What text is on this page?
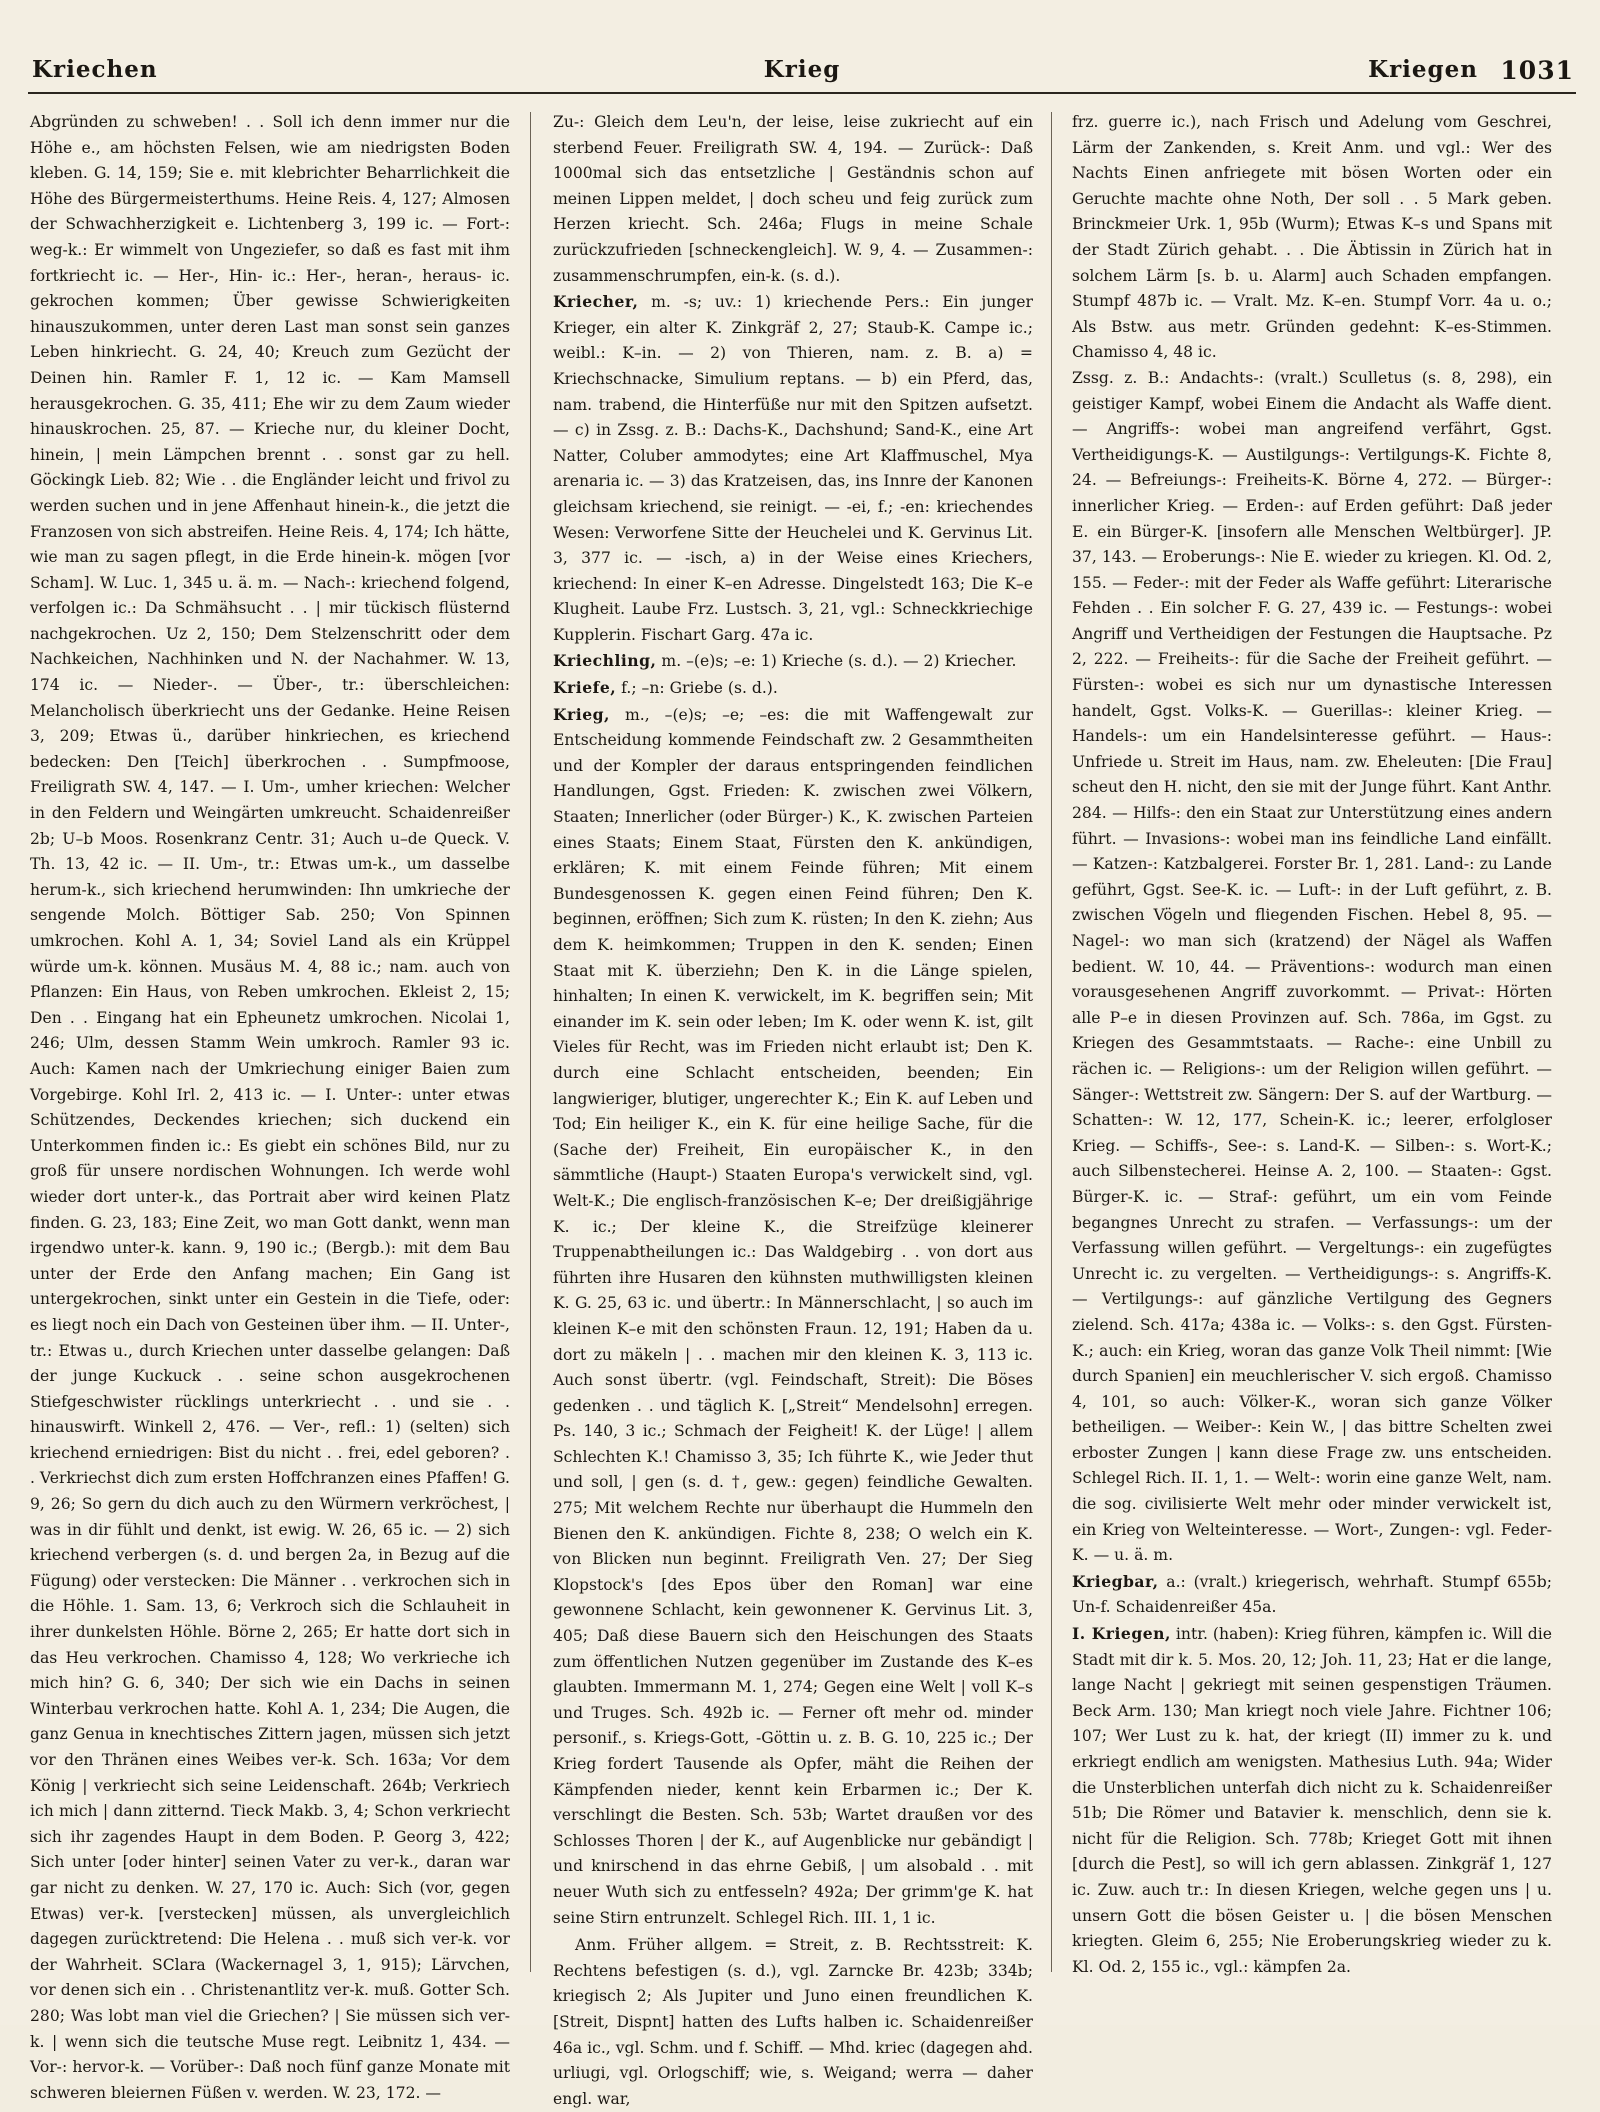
Kriechen	Krieg	Kriegen 1031

Abgründen zu schweben! . . Soll ich denn immer nur die Höhe e., am höchsten Felsen, wie am niedrigsten Boden kleben. G. 14, 159; Sie e. mit klebrichter Beharrlichkeit die Höhe des Bürgermeisterthums. Heine Reis. 4, 127; Almosen der Schwachherzigkeit e. Lichtenberg 3, 199 ic. — Fort-: weg-k.: Er wimmelt von Ungeziefer, so daß es fast mit ihm fortkriecht ic. — Her-, Hin- ic.: Her-, heran-, heraus- ic. gekrochen kommen; Über gewisse Schwierigkeiten hinauszukommen, unter deren Last man sonst sein ganzes Leben hinkriecht. G. 24, 40; Kreuch zum Gezücht der Deinen hin. Ramler F. 1, 12 ic. — Kam Mamsell herausgekrochen. G. 35, 411; Ehe wir zu dem Zaum wieder hinauskrochen. 25, 87. — Krieche nur, du kleiner Docht, hinein, | mein Lämpchen brennt . . sonst gar zu hell. Göckingk Lieb. 82; Wie . . die Engländer leicht und frivol zu werden suchen und in jene Affenhaut hinein-k., die jetzt die Franzosen von sich abstreifen. Heine Reis. 4, 174; Ich hätte, wie man zu sagen pflegt, in die Erde hinein-k. mögen [vor Scham]. W. Luc. 1, 345 u. ä. m. — Nach-: kriechend folgend, verfolgen ic.: Da Schmähsucht . . | mir tückisch flüsternd nachgekrochen. Uz 2, 150; Dem Stelzenschritt oder dem Nachkeichen, Nachhinken und N. der Nachahmer. W. 13, 174 ic. — Nieder-. — Über-, tr.: überschleichen: Melancholisch überkriecht uns der Gedanke. Heine Reisen 3, 209; Etwas ü., darüber hinkriechen, es kriechend bedecken: Den [Teich] überkrochen . . Sumpfmoose, Freiligrath SW. 4, 147. — I. Um-, umher kriechen: Welcher in den Feldern und Weingärten umkreucht. Schaidenreißer 2b; U–b Moos. Rosenkranz Centr. 31; Auch u–de Queck. V. Th. 13, 42 ic. — II. Um-, tr.: Etwas um-k., um dasselbe herum-k., sich kriechend herumwinden: Ihn umkrieche der sengende Molch. Böttiger Sab. 250; Von Spinnen umkrochen. Kohl A. 1, 34; Soviel Land als ein Krüppel würde um-k. können. Musäus M. 4, 88 ic.; nam. auch von Pflanzen: Ein Haus, von Reben umkrochen. Ekleist 2, 15; Den . . Eingang hat ein Epheunetz umkrochen. Nicolai 1, 246; Ulm, dessen Stamm Wein umkroch. Ramler 93 ic. Auch: Kamen nach der Umkriechung einiger Baien zum Vorgebirge. Kohl Irl. 2, 413 ic. — I. Unter-: unter etwas Schützendes, Deckendes kriechen; sich duckend ein Unterkommen finden ic.: Es giebt ein schönes Bild, nur zu groß für unsere nordischen Wohnungen. Ich werde wohl wieder dort unter-k., das Portrait aber wird keinen Platz finden. G. 23, 183; Eine Zeit, wo man Gott dankt, wenn man irgendwo unter-k. kann. 9, 190 ic.; (Bergb.): mit dem Bau unter der Erde den Anfang machen; Ein Gang ist untergekrochen, sinkt unter ein Gestein in die Tiefe, oder: es liegt noch ein Dach von Gesteinen über ihm. — II. Unter-, tr.: Etwas u., durch Kriechen unter dasselbe gelangen: Daß der junge Kuckuck . . seine schon ausgekrochenen Stiefgeschwister rücklings unterkriecht . . und sie . . hinauswirft. Winkell 2, 476. — Ver-, refl.: 1) (selten) sich kriechend erniedrigen: Bist du nicht . . frei, edel geboren? . . Verkriechst dich zum ersten Hoffchranzen eines Pfaffen! G. 9, 26; So gern du dich auch zu den Würmern verkröchest, | was in dir fühlt und denkt, ist ewig. W. 26, 65 ic. — 2) sich kriechend verbergen (s. d. und bergen 2a, in Bezug auf die Fügung) oder verstecken: Die Männer . . verkrochen sich in die Höhle. 1. Sam. 13, 6; Verkroch sich die Schlauheit in ihrer dunkelsten Höhle. Börne 2, 265; Er hatte dort sich in das Heu verkrochen. Chamisso 4, 128; Wo verkrieche ich mich hin? G. 6, 340; Der sich wie ein Dachs in seinen Winterbau verkrochen hatte. Kohl A. 1, 234; Die Augen, die ganz Genua in knechtisches Zittern jagen, müssen sich jetzt vor den Thränen eines Weibes ver-k. Sch. 163a; Vor dem König | verkriecht sich seine Leidenschaft. 264b; Verkriech ich mich | dann zitternd. Tieck Makb. 3, 4; Schon verkriecht sich ihr zagendes Haupt in dem Boden. P. Georg 3, 422; Sich unter [oder hinter] seinen Vater zu ver-k., daran war gar nicht zu denken. W. 27, 170 ic. Auch: Sich (vor, gegen Etwas) ver-k. [verstecken] müssen, als unvergleichlich dagegen zurücktretend: Die Helena . . muß sich ver-k. vor der Wahrheit. SClara (Wackernagel 3, 1, 915); Lärvchen, vor denen sich ein . . Christenantlitz ver-k. muß. Gotter Sch. 280; Was lobt man viel die Griechen? | Sie müssen sich ver-k. | wenn sich die teutsche Muse regt. Leibnitz 1, 434. — Vor-: hervor-k. — Vorüber-: Daß noch fünf ganze Monate mit schweren bleiernen Füßen v. werden. W. 23, 172. —

Zu-: Gleich dem Leu'n, der leise, leise zukriecht auf ein sterbend Feuer. Freiligrath SW. 4, 194. — Zurück-: Daß 1000mal sich das entsetzliche | Geständnis schon auf meinen Lippen meldet, | doch scheu und feig zurück zum Herzen kriecht. Sch. 246a; Flugs in meine Schale zurückzufrieden [schneckengleich]. W. 9, 4. — Zusammen-: zusammenschrumpfen, ein-k. (s. d.).

Kriecher, m. -s; uv.: 1) kriechende Pers.: Ein junger Krieger, ein alter K. Zinkgräf 2, 27; Staub-K. Campe ic.; weibl.: K–in. — 2) von Thieren, nam. z. B. a) = Kriechschnacke, Simulium reptans. — b) ein Pferd, das, nam. trabend, die Hinterfüße nur mit den Spitzen aufsetzt. — c) in Zssg. z. B.: Dachs-K., Dachshund; Sand-K., eine Art Natter, Coluber ammodytes; eine Art Klaffmuschel, Mya arenaria ic. — 3) das Kratzeisen, das, ins Innre der Kanonen gleichsam kriechend, sie reinigt. — -ei, f.; -en: kriechendes Wesen: Verworfene Sitte der Heuchelei und K. Gervinus Lit. 3, 377 ic. — -isch, a) in der Weise eines Kriechers, kriechend: In einer K–en Adresse. Dingelstedt 163; Die K–e Klugheit. Laube Frz. Lustsch. 3, 21, vgl.: Schneckkriechige Kupplerin. Fischart Garg. 47a ic.

Kriechling, m. –(e)s; –e: 1) Krieche (s. d.). — 2) Kriecher.

Kriefe, f.; –n: Griebe (s. d.).

Krieg, m., –(e)s; –e; –es: die mit Waffengewalt zur Entscheidung kommende Feindschaft zw. 2 Gesammtheiten und der Kompler der daraus entspringenden feindlichen Handlungen, Ggst. Frieden: K. zwischen zwei Völkern, Staaten; Innerlicher (oder Bürger-) K., K. zwischen Parteien eines Staats; Einem Staat, Fürsten den K. ankündigen, erklären; K. mit einem Feinde führen; Mit einem Bundesgenossen K. gegen einen Feind führen; Den K. beginnen, eröffnen; Sich zum K. rüsten; In den K. ziehn; Aus dem K. heimkommen; Truppen in den K. senden; Einen Staat mit K. überziehn; Den K. in die Länge spielen, hinhalten; In einen K. verwickelt, im K. begriffen sein; Mit einander im K. sein oder leben; Im K. oder wenn K. ist, gilt Vieles für Recht, was im Frieden nicht erlaubt ist; Den K. durch eine Schlacht entscheiden, beenden; Ein langwieriger, blutiger, ungerechter K.; Ein K. auf Leben und Tod; Ein heiliger K., ein K. für eine heilige Sache, für die (Sache der) Freiheit, Ein europäischer K., in den sämmtliche (Haupt-) Staaten Europa's verwickelt sind, vgl. Welt-K.; Die englisch-französischen K–e; Der dreißigjährige K. ic.; Der kleine K., die Streifzüge kleinerer Truppenabtheilungen ic.: Das Waldgebirg . . von dort aus führten ihre Husaren den kühnsten muthwilligsten kleinen K. G. 25, 63 ic. und übertr.: In Männerschlacht, | so auch im kleinen K–e mit den schönsten Fraun. 12, 191; Haben da u. dort zu mäkeln | . . machen mir den kleinen K. 3, 113 ic. Auch sonst übertr. (vgl. Feindschaft, Streit): Die Böses gedenken . . und täglich K. [„Streit“ Mendelsohn] erregen. Ps. 140, 3 ic.; Schmach der Feigheit! K. der Lüge! | allem Schlechten K.! Chamisso 3, 35; Ich führte K., wie Jeder thut und soll, | gen (s. d. †, gew.: gegen) feindliche Gewalten. 275; Mit welchem Rechte nur überhaupt die Hummeln den Bienen den K. ankündigen. Fichte 8, 238; O welch ein K. von Blicken nun beginnt. Freiligrath Ven. 27; Der Sieg Klopstock's [des Epos über den Roman] war eine gewonnene Schlacht, kein gewonnener K. Gervinus Lit. 3, 405; Daß diese Bauern sich den Heischungen des Staats zum öffentlichen Nutzen gegenüber im Zustande des K–es glaubten. Immermann M. 1, 274; Gegen eine Welt | voll K–s und Truges. Sch. 492b ic. — Ferner oft mehr od. minder personif., s. Kriegs-Gott, -Göttin u. z. B. G. 10, 225 ic.; Der Krieg fordert Tausende als Opfer, mäht die Reihen der Kämpfenden nieder, kennt kein Erbarmen ic.; Der K. verschlingt die Besten. Sch. 53b; Wartet draußen vor des Schlosses Thoren | der K., auf Augenblicke nur gebändigt | und knirschend in das ehrne Gebiß, | um alsobald . . mit neuer Wuth sich zu entfesseln? 492a; Der grimm'ge K. hat seine Stirn entrunzelt. Schlegel Rich. III. 1, 1 ic.

Anm. Früher allgem. = Streit, z. B. Rechtsstreit: K. Rechtens befestigen (s. d.), vgl. Zarncke Br. 423b; 334b; kriegisch 2; Als Jupiter und Juno einen freundlichen K. [Streit, Dispnt] hatten des Lufts halben ic. Schaidenreißer 46a ic., vgl. Schm. und f. Schiff. — Mhd. kriec (dagegen ahd. urliugi, vgl. Orlogschiff; wie, s. Weigand; werra — daher engl. war,

frz. guerre ic.), nach Frisch und Adelung vom Geschrei, Lärm der Zankenden, s. Kreit Anm. und vgl.: Wer des Nachts Einen anfriegete mit bösen Worten oder ein Geruchte machte ohne Noth, Der soll . . 5 Mark geben. Brinckmeier Urk. 1, 95b (Wurm); Etwas K–s und Spans mit der Stadt Zürich gehabt. . . Die Äbtissin in Zürich hat in solchem Lärm [s. b. u. Alarm] auch Schaden empfangen. Stumpf 487b ic. — Vralt. Mz. K–en. Stumpf Vorr. 4a u. o.; Als Bstw. aus metr. Gründen gedehnt: K–es-Stimmen. Chamisso 4, 48 ic.

Zssg. z. B.: Andachts-: (vralt.) Sculletus (s. 8, 298), ein geistiger Kampf, wobei Einem die Andacht als Waffe dient. — Angriffs-: wobei man angreifend verfährt, Ggst. Vertheidigungs-K. — Austilgungs-: Vertilgungs-K. Fichte 8, 24. — Befreiungs-: Freiheits-K. Börne 4, 272. — Bürger-: innerlicher Krieg. — Erden-: auf Erden geführt: Daß jeder E. ein Bürger-K. [insofern alle Menschen Weltbürger]. JP. 37, 143. — Eroberungs-: Nie E. wieder zu kriegen. Kl. Od. 2, 155. — Feder-: mit der Feder als Waffe geführt: Literarische Fehden . . Ein solcher F. G. 27, 439 ic. — Festungs-: wobei Angriff und Vertheidigen der Festungen die Hauptsache. Pz 2, 222. — Freiheits-: für die Sache der Freiheit geführt. — Fürsten-: wobei es sich nur um dynastische Interessen handelt, Ggst. Volks-K. — Guerillas-: kleiner Krieg. — Handels-: um ein Handelsinteresse geführt. — Haus-: Unfriede u. Streit im Haus, nam. zw. Eheleuten: [Die Frau] scheut den H. nicht, den sie mit der Junge führt. Kant Anthr. 284. — Hilfs-: den ein Staat zur Unterstützung eines andern führt. — Invasions-: wobei man ins feindliche Land einfällt. — Katzen-: Katzbalgerei. Forster Br. 1, 281. Land-: zu Lande geführt, Ggst. See-K. ic. — Luft-: in der Luft geführt, z. B. zwischen Vögeln und fliegenden Fischen. Hebel 8, 95. — Nagel-: wo man sich (kratzend) der Nägel als Waffen bedient. W. 10, 44. — Präventions-: wodurch man einen vorausgesehenen Angriff zuvorkommt. — Privat-: Hörten alle P–e in diesen Provinzen auf. Sch. 786a, im Ggst. zu Kriegen des Gesammtstaats. — Rache-: eine Unbill zu rächen ic. — Religions-: um der Religion willen geführt. — Sänger-: Wettstreit zw. Sängern: Der S. auf der Wartburg. — Schatten-: W. 12, 177, Schein-K. ic.; leerer, erfolgloser Krieg. — Schiffs-, See-: s. Land-K. — Silben-: s. Wort-K.; auch Silbenstecherei. Heinse A. 2, 100. — Staaten-: Ggst. Bürger-K. ic. — Straf-: geführt, um ein vom Feinde begangnes Unrecht zu strafen. — Verfassungs-: um der Verfassung willen geführt. — Vergeltungs-: ein zugefügtes Unrecht ic. zu vergelten. — Vertheidigungs-: s. Angriffs-K. — Vertilgungs-: auf gänzliche Vertilgung des Gegners zielend. Sch. 417a; 438a ic. — Volks-: s. den Ggst. Fürsten-K.; auch: ein Krieg, woran das ganze Volk Theil nimmt: [Wie durch Spanien] ein meuchlerischer V. sich ergoß. Chamisso 4, 101, so auch: Völker-K., woran sich ganze Völker betheiligen. — Weiber-: Kein W., | das bittre Schelten zwei erboster Zungen | kann diese Frage zw. uns entscheiden. Schlegel Rich. II. 1, 1. — Welt-: worin eine ganze Welt, nam. die sog. civilisierte Welt mehr oder minder verwickelt ist, ein Krieg von Welteinteresse. — Wort-, Zungen-: vgl. Feder-K. — u. ä. m.

Kriegbar, a.: (vralt.) kriegerisch, wehrhaft. Stumpf 655b; Un-f. Schaidenreißer 45a.

I. Kriegen, intr. (haben): Krieg führen, kämpfen ic. Will die Stadt mit dir k. 5. Mos. 20, 12; Joh. 11, 23; Hat er die lange, lange Nacht | gekriegt mit seinen gespenstigen Träumen. Beck Arm. 130; Man kriegt noch viele Jahre. Fichtner 106; 107; Wer Lust zu k. hat, der kriegt (II) immer zu k. und erkriegt endlich am wenigsten. Mathesius Luth. 94a; Wider die Unsterblichen unterfah dich nicht zu k. Schaidenreißer 51b; Die Römer und Batavier k. menschlich, denn sie k. nicht für die Religion. Sch. 778b; Krieget Gott mit ihnen [durch die Pest], so will ich gern ablassen. Zinkgräf 1, 127 ic. Zuw. auch tr.: In diesen Kriegen, welche gegen uns | u. unsern Gott die bösen Geister u. | die bösen Menschen kriegten. Gleim 6, 255; Nie Eroberungskrieg wieder zu k. Kl. Od. 2, 155 ic., vgl.: kämpfen 2a.
